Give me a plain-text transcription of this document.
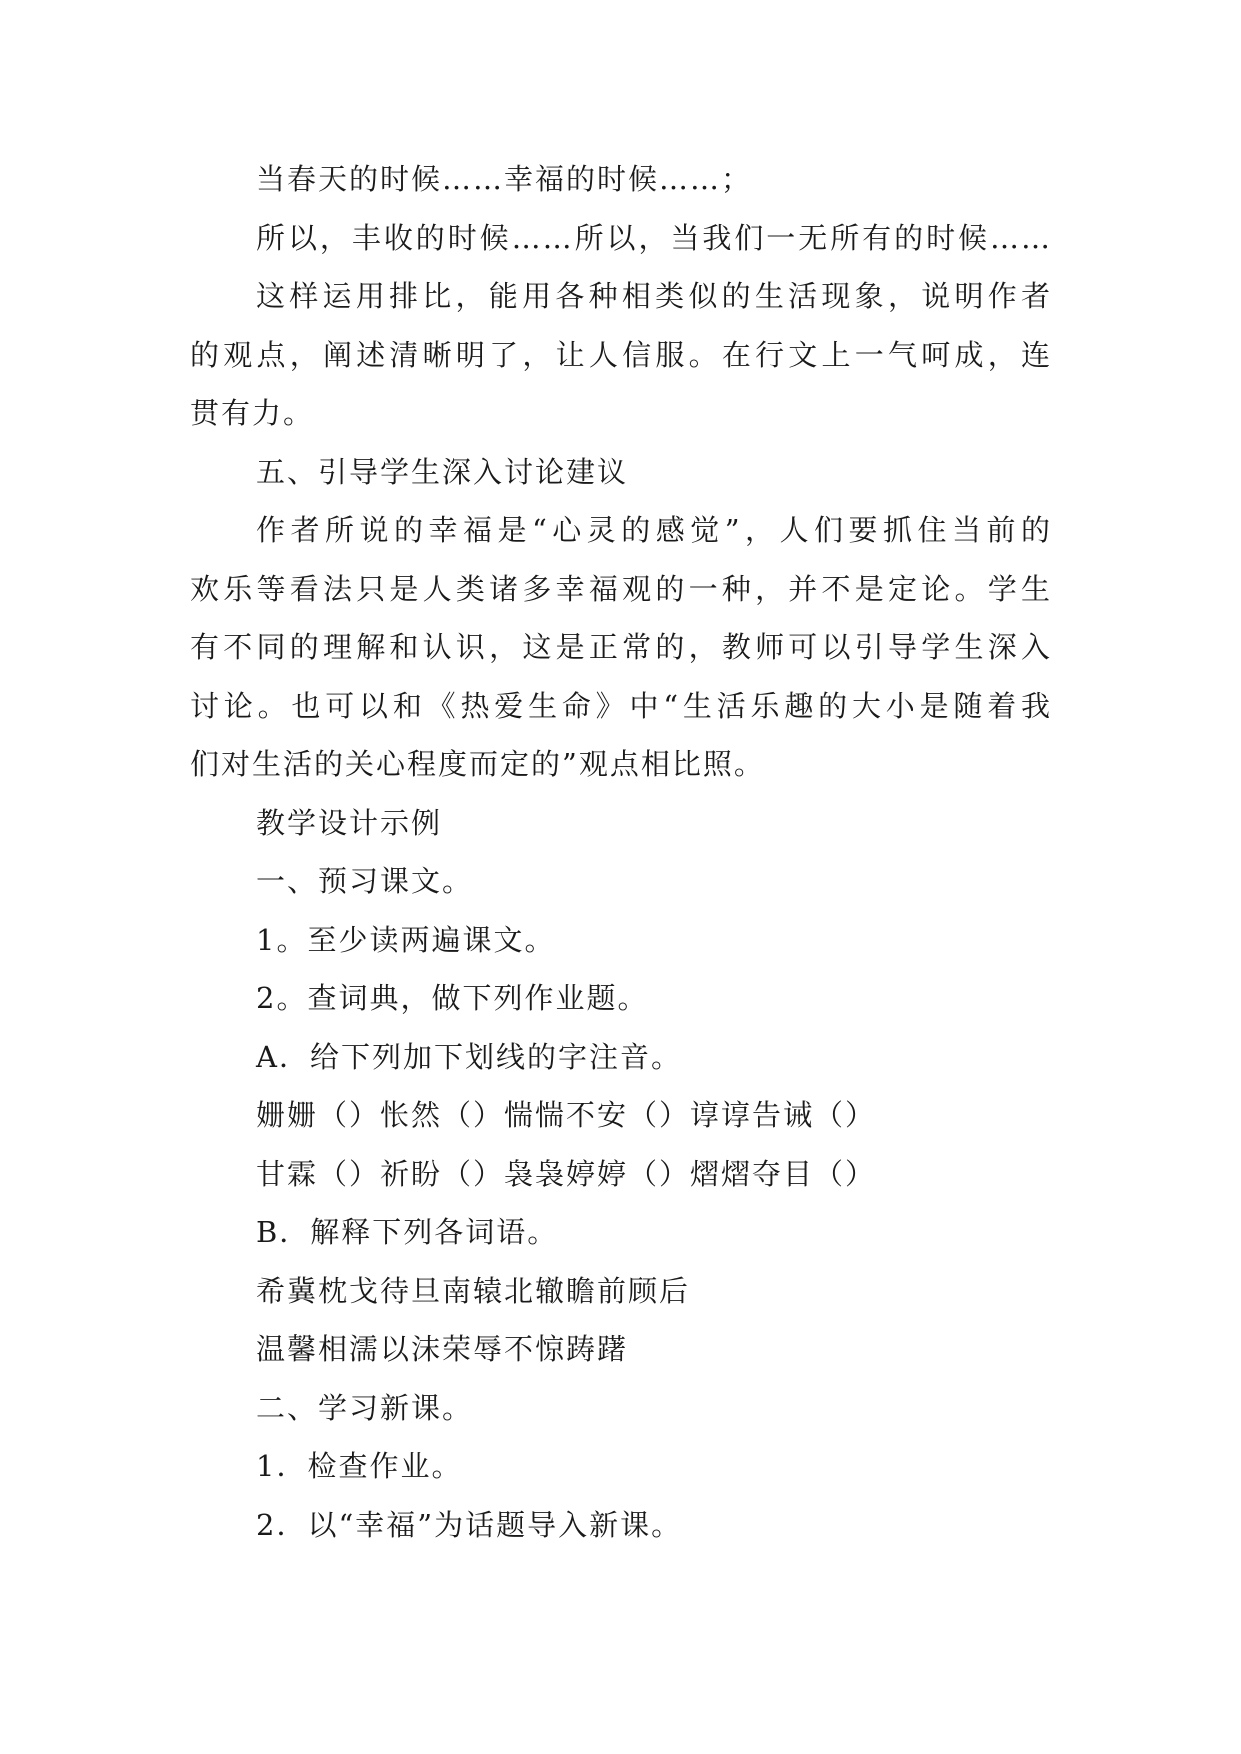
当春天的时候……幸福的时候……；
所以，丰收的时候……所以，当我们一无所有的时候……
这样运用排比，能用各种相类似的生活现象，说明作者
的观点，阐述清晰明了，让人信服。在行文上一气呵成，连
贯有力。
五、引导学生深入讨论建议
作者所说的幸福是“心灵的感觉”，人们要抓住当前的
欢乐等看法只是人类诸多幸福观的一种，并不是定论。学生
有不同的理解和认识，这是正常的，教师可以引导学生深入
讨论。也可以和《热爱生命》中“生活乐趣的大小是随着我
们对生活的关心程度而定的”观点相比照。
教学设计示例
一、预习课文。
1。至少读两遍课文。
2。查词典，做下列作业题。
A．给下列加下划线的字注音。
姗姗（）怅然（）惴惴不安（）谆谆告诫（）
甘霖（）祈盼（）袅袅婷婷（）熠熠夺目（）
B．解释下列各词语。
希冀枕戈待旦南辕北辙瞻前顾后
温馨相濡以沫荣辱不惊踌躇
二、学习新课。
1．检查作业。
2．以“幸福”为话题导入新课。
